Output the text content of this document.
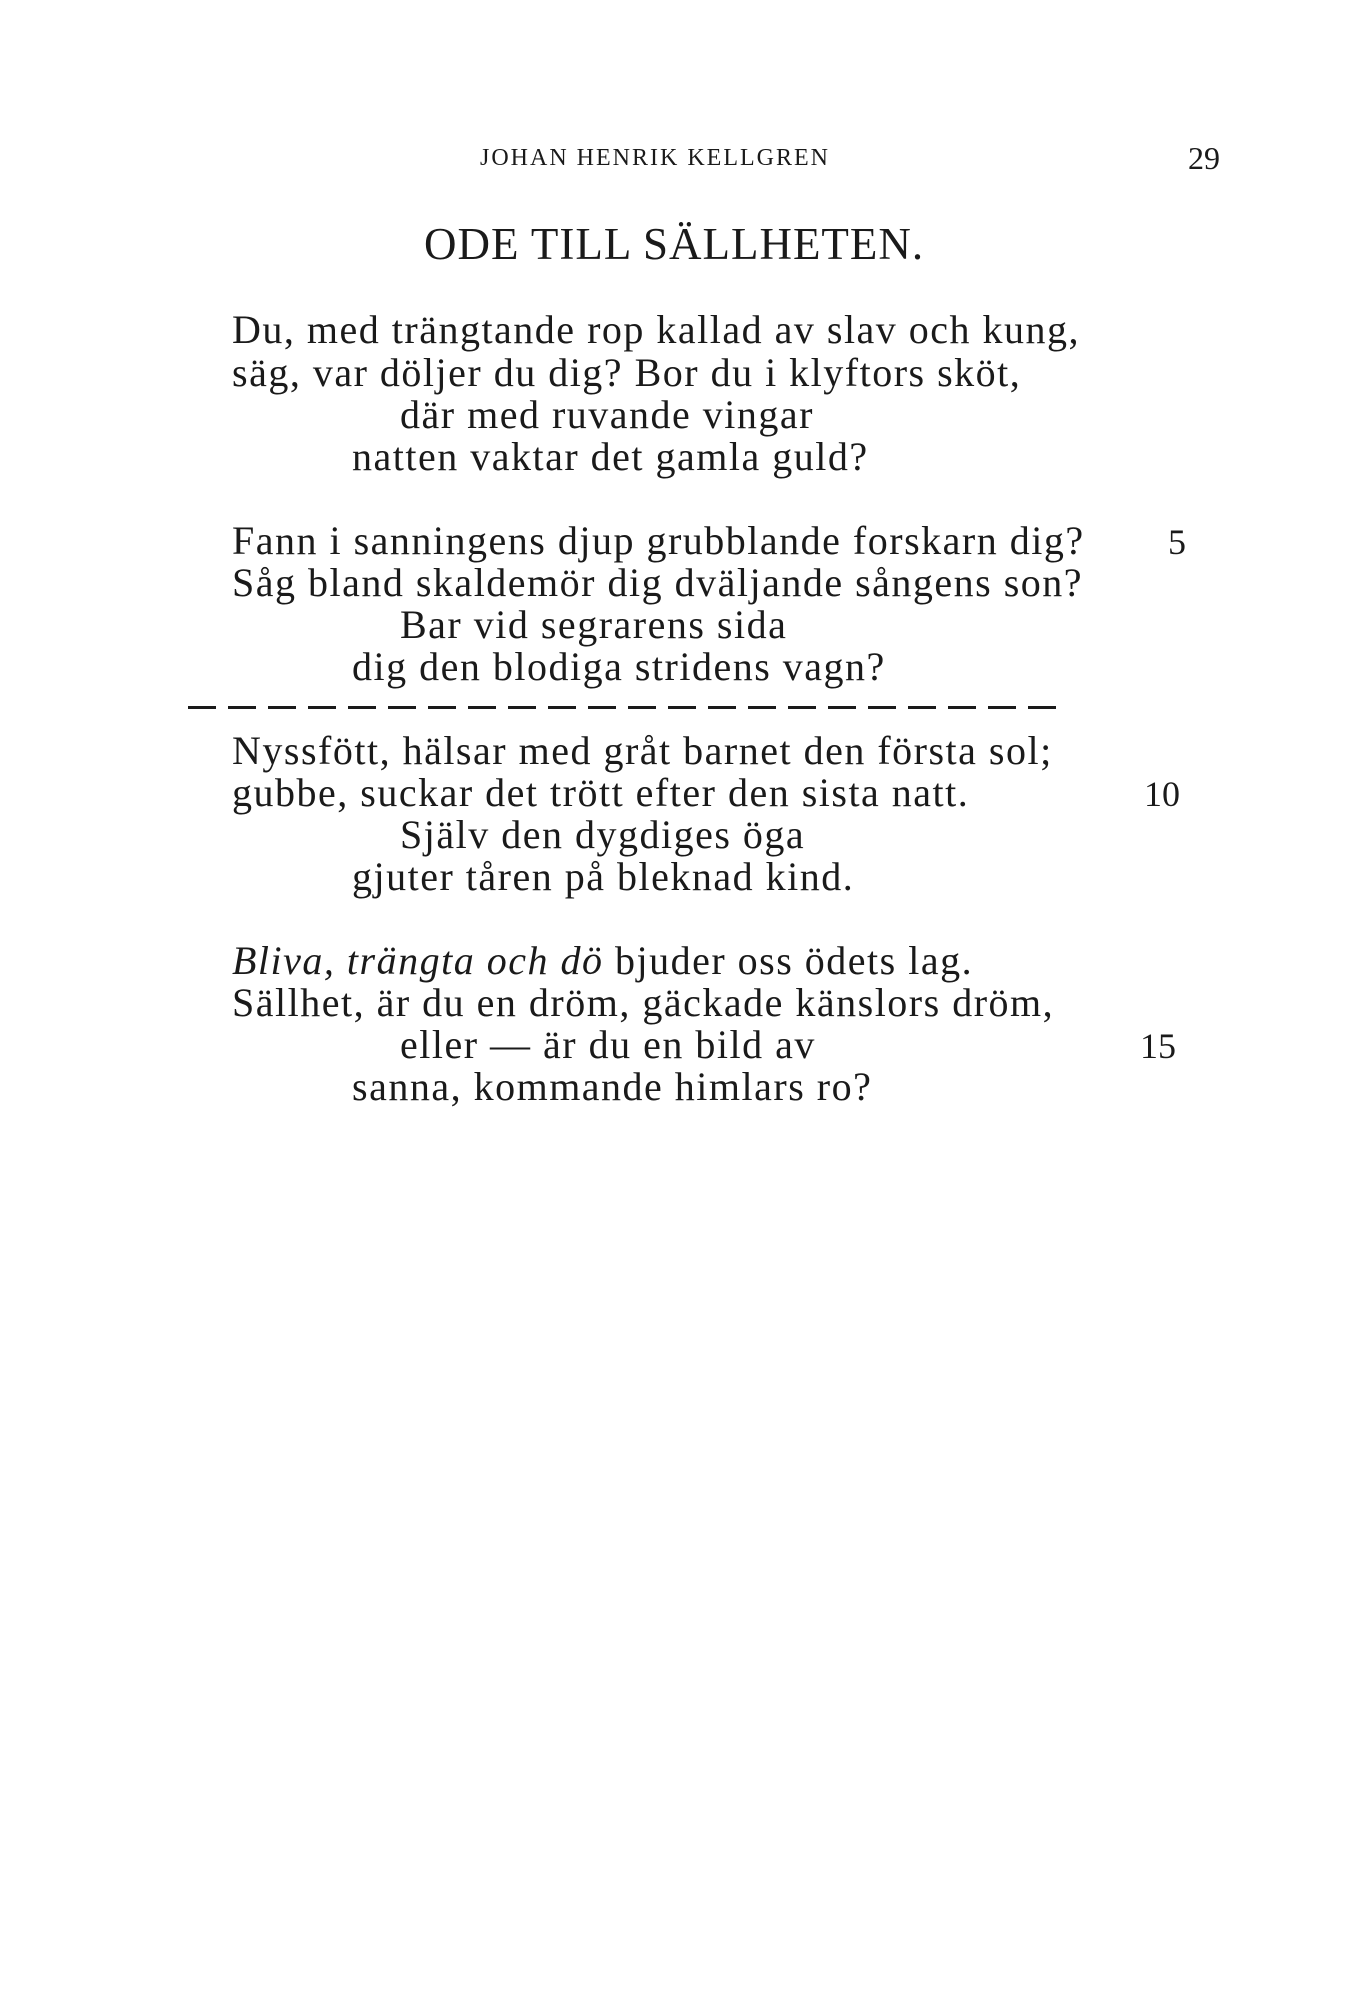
JOHAN HENRIK KELLGREN	29
ODE TILL SÄLLHETEN.
Du, med trängtande rop kallad av slav och kung,
säg, var döljer du dig? Bor du i klyftors sköt,
där med ruvande vingar
natten vaktar det gamla guld?
Fann i sanningens djup grubblande forskarn dig? 5
Såg bland skaldemör dig dväljande sångens son?
Bar vid segrarens sida
dig den blodiga stridens vagn?
Nyssfött, hälsar med gråt barnet den första sol;
gubbe, suckar det trött efter den sista natt.	10
Själv den dygdiges öga
gjuter tåren på bleknad kind.
Bliva, trängta och dö bjuder oss ödets lag.
Sällhet, är du en dröm, gäckade känslors dröm,
eller — är du en bild av	15
sanna, kommande himlars ro?
